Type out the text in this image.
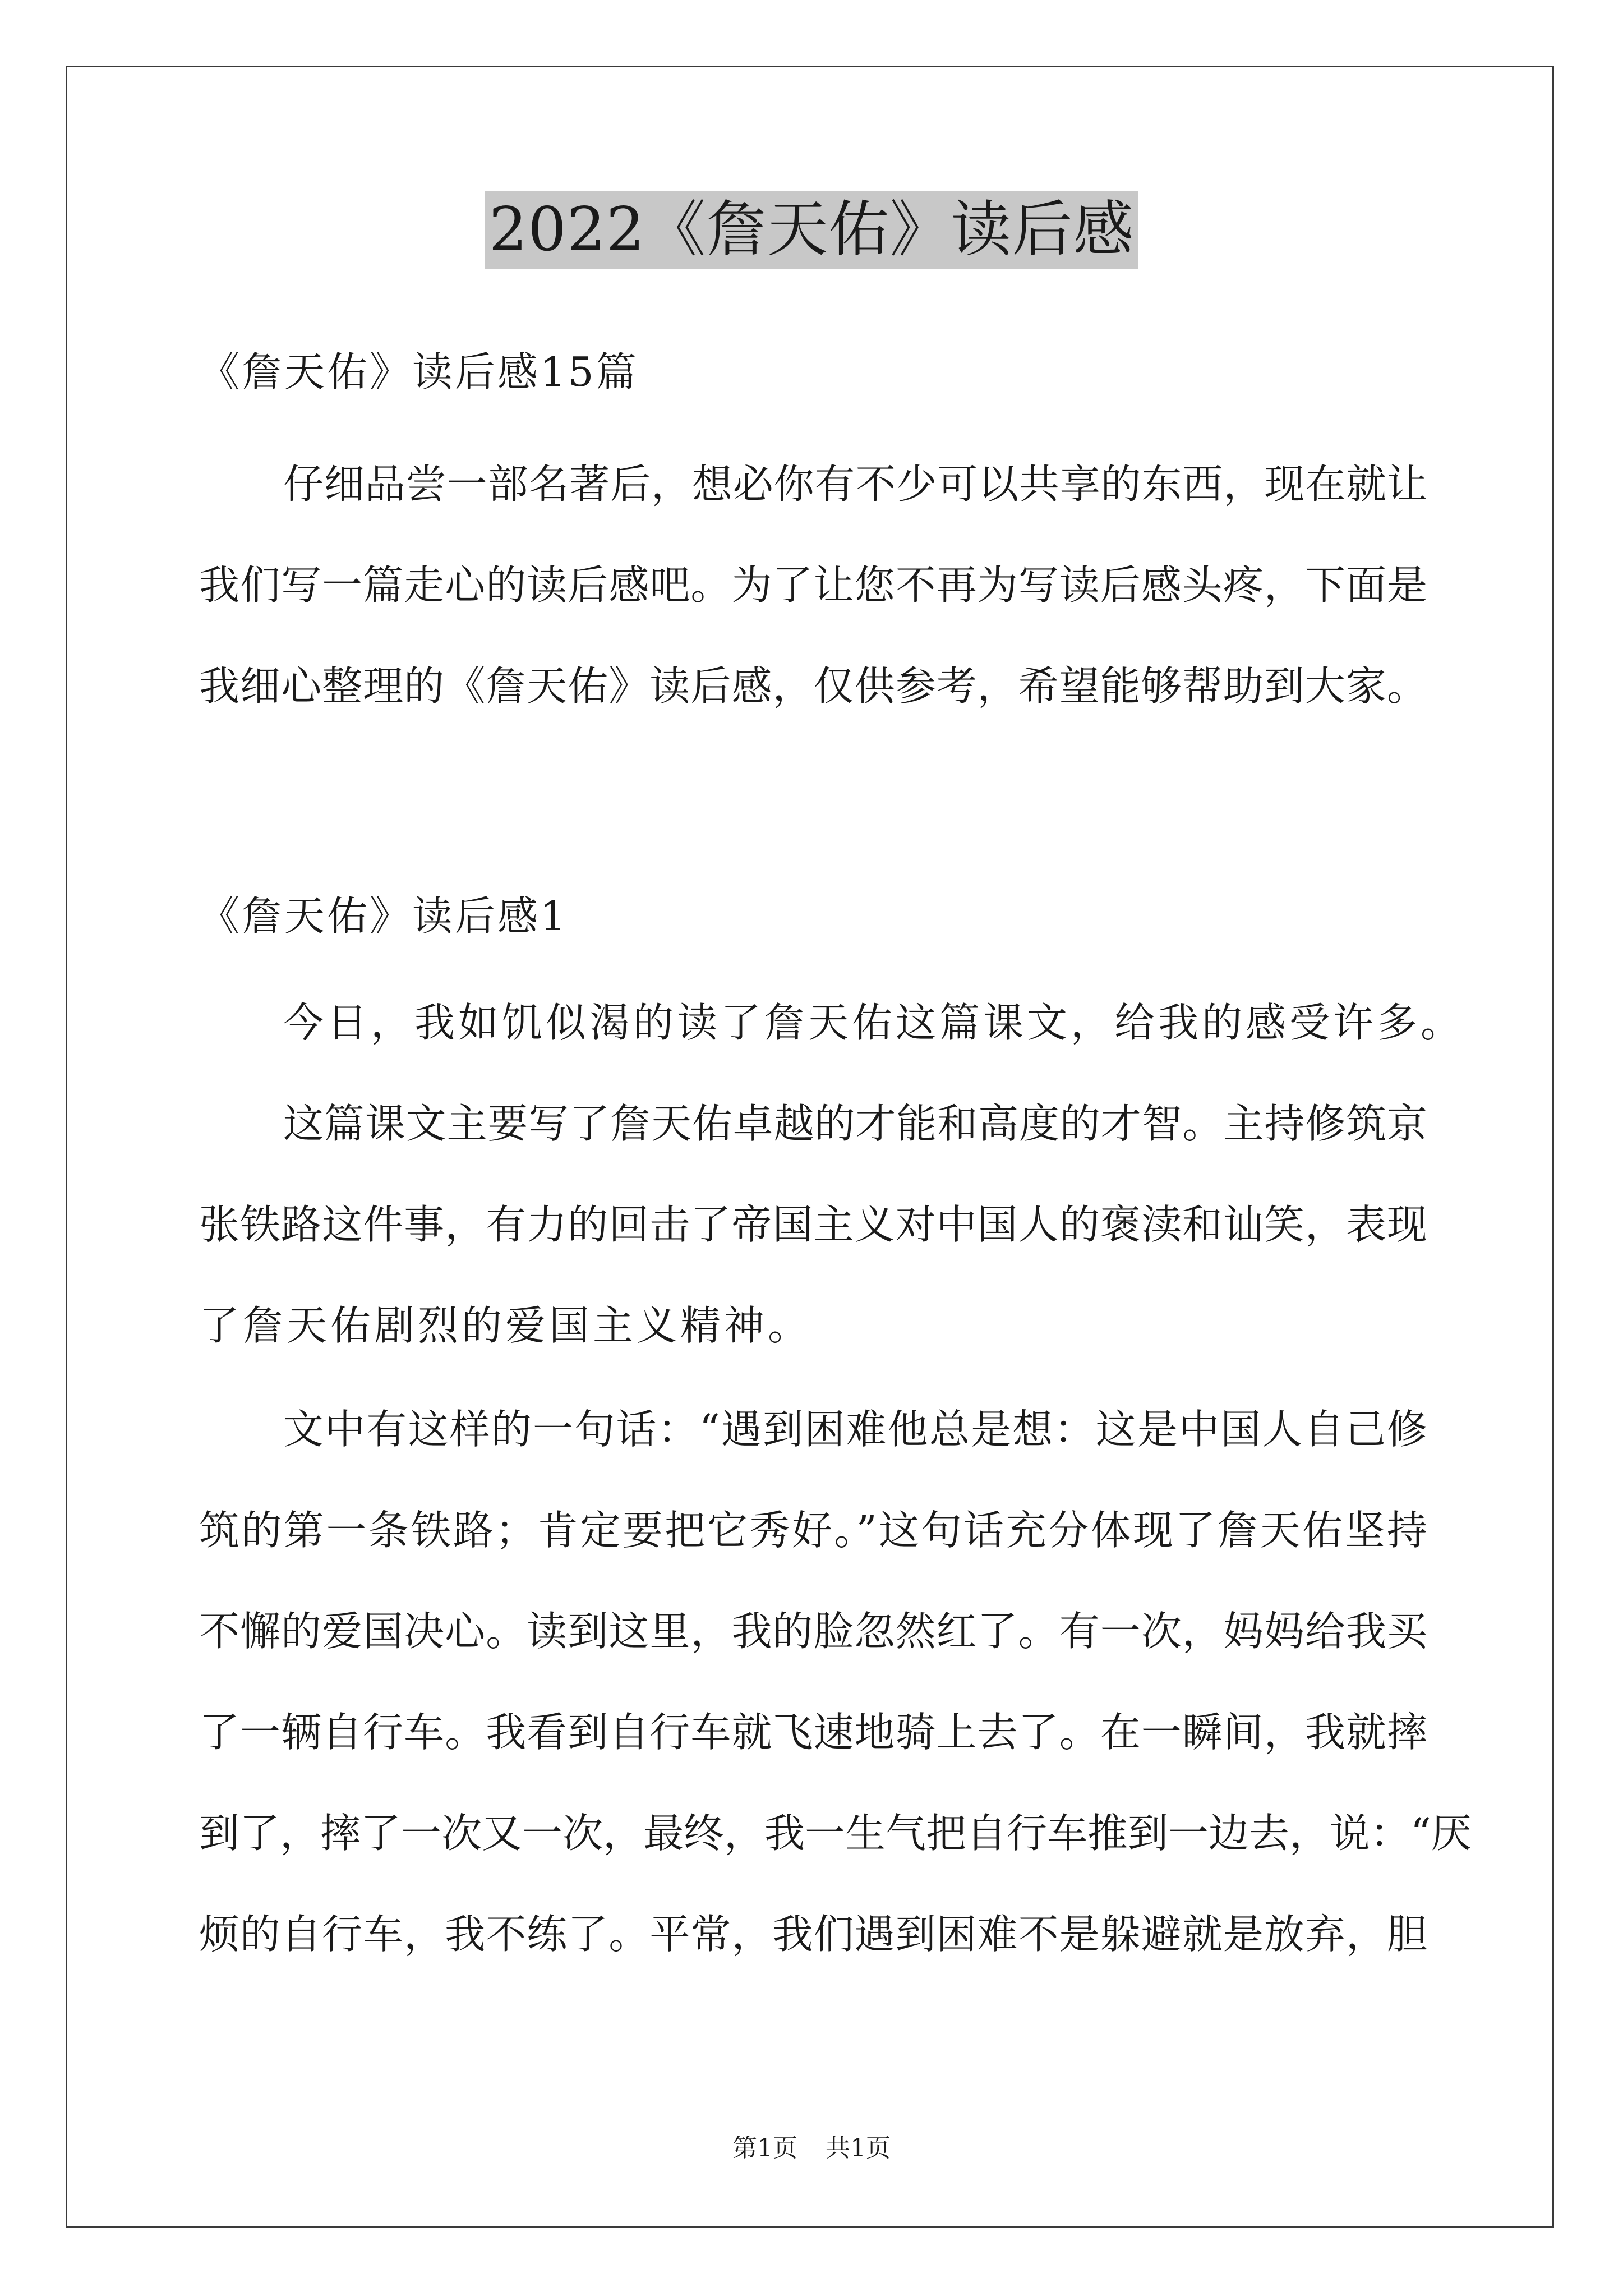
2022《詹天佑》读后感
《詹天佑》读后感15篇
仔细品尝一部名著后，想必你有不少可以共享的东西，现在就让
我们写一篇走心的读后感吧。为了让您不再为写读后感头疼，下面是
我细心整理的《詹天佑》读后感，仅供参考，希望能够帮助到大家。
《詹天佑》读后感1
今日，我如饥似渴的读了詹天佑这篇课文，给我的感受许多。
这篇课文主要写了詹天佑卓越的才能和高度的才智。主持修筑京
张铁路这件事，有力的回击了帝国主义对中国人的褒渎和讪笑，表现
了詹天佑剧烈的爱国主义精神。
文中有这样的一句话：“遇到困难他总是想：这是中国人自己修
筑的第一条铁路；肯定要把它秀好。”这句话充分体现了詹天佑坚持
不懈的爱国决心。读到这里，我的脸忽然红了。有一次，妈妈给我买
了一辆自行车。我看到自行车就飞速地骑上去了。在一瞬间，我就摔
到了，摔了一次又一次，最终，我一生气把自行车推到一边去，说：“厌
烦的自行车，我不练了。平常，我们遇到困难不是躲避就是放弃，胆
第1页 共1页
